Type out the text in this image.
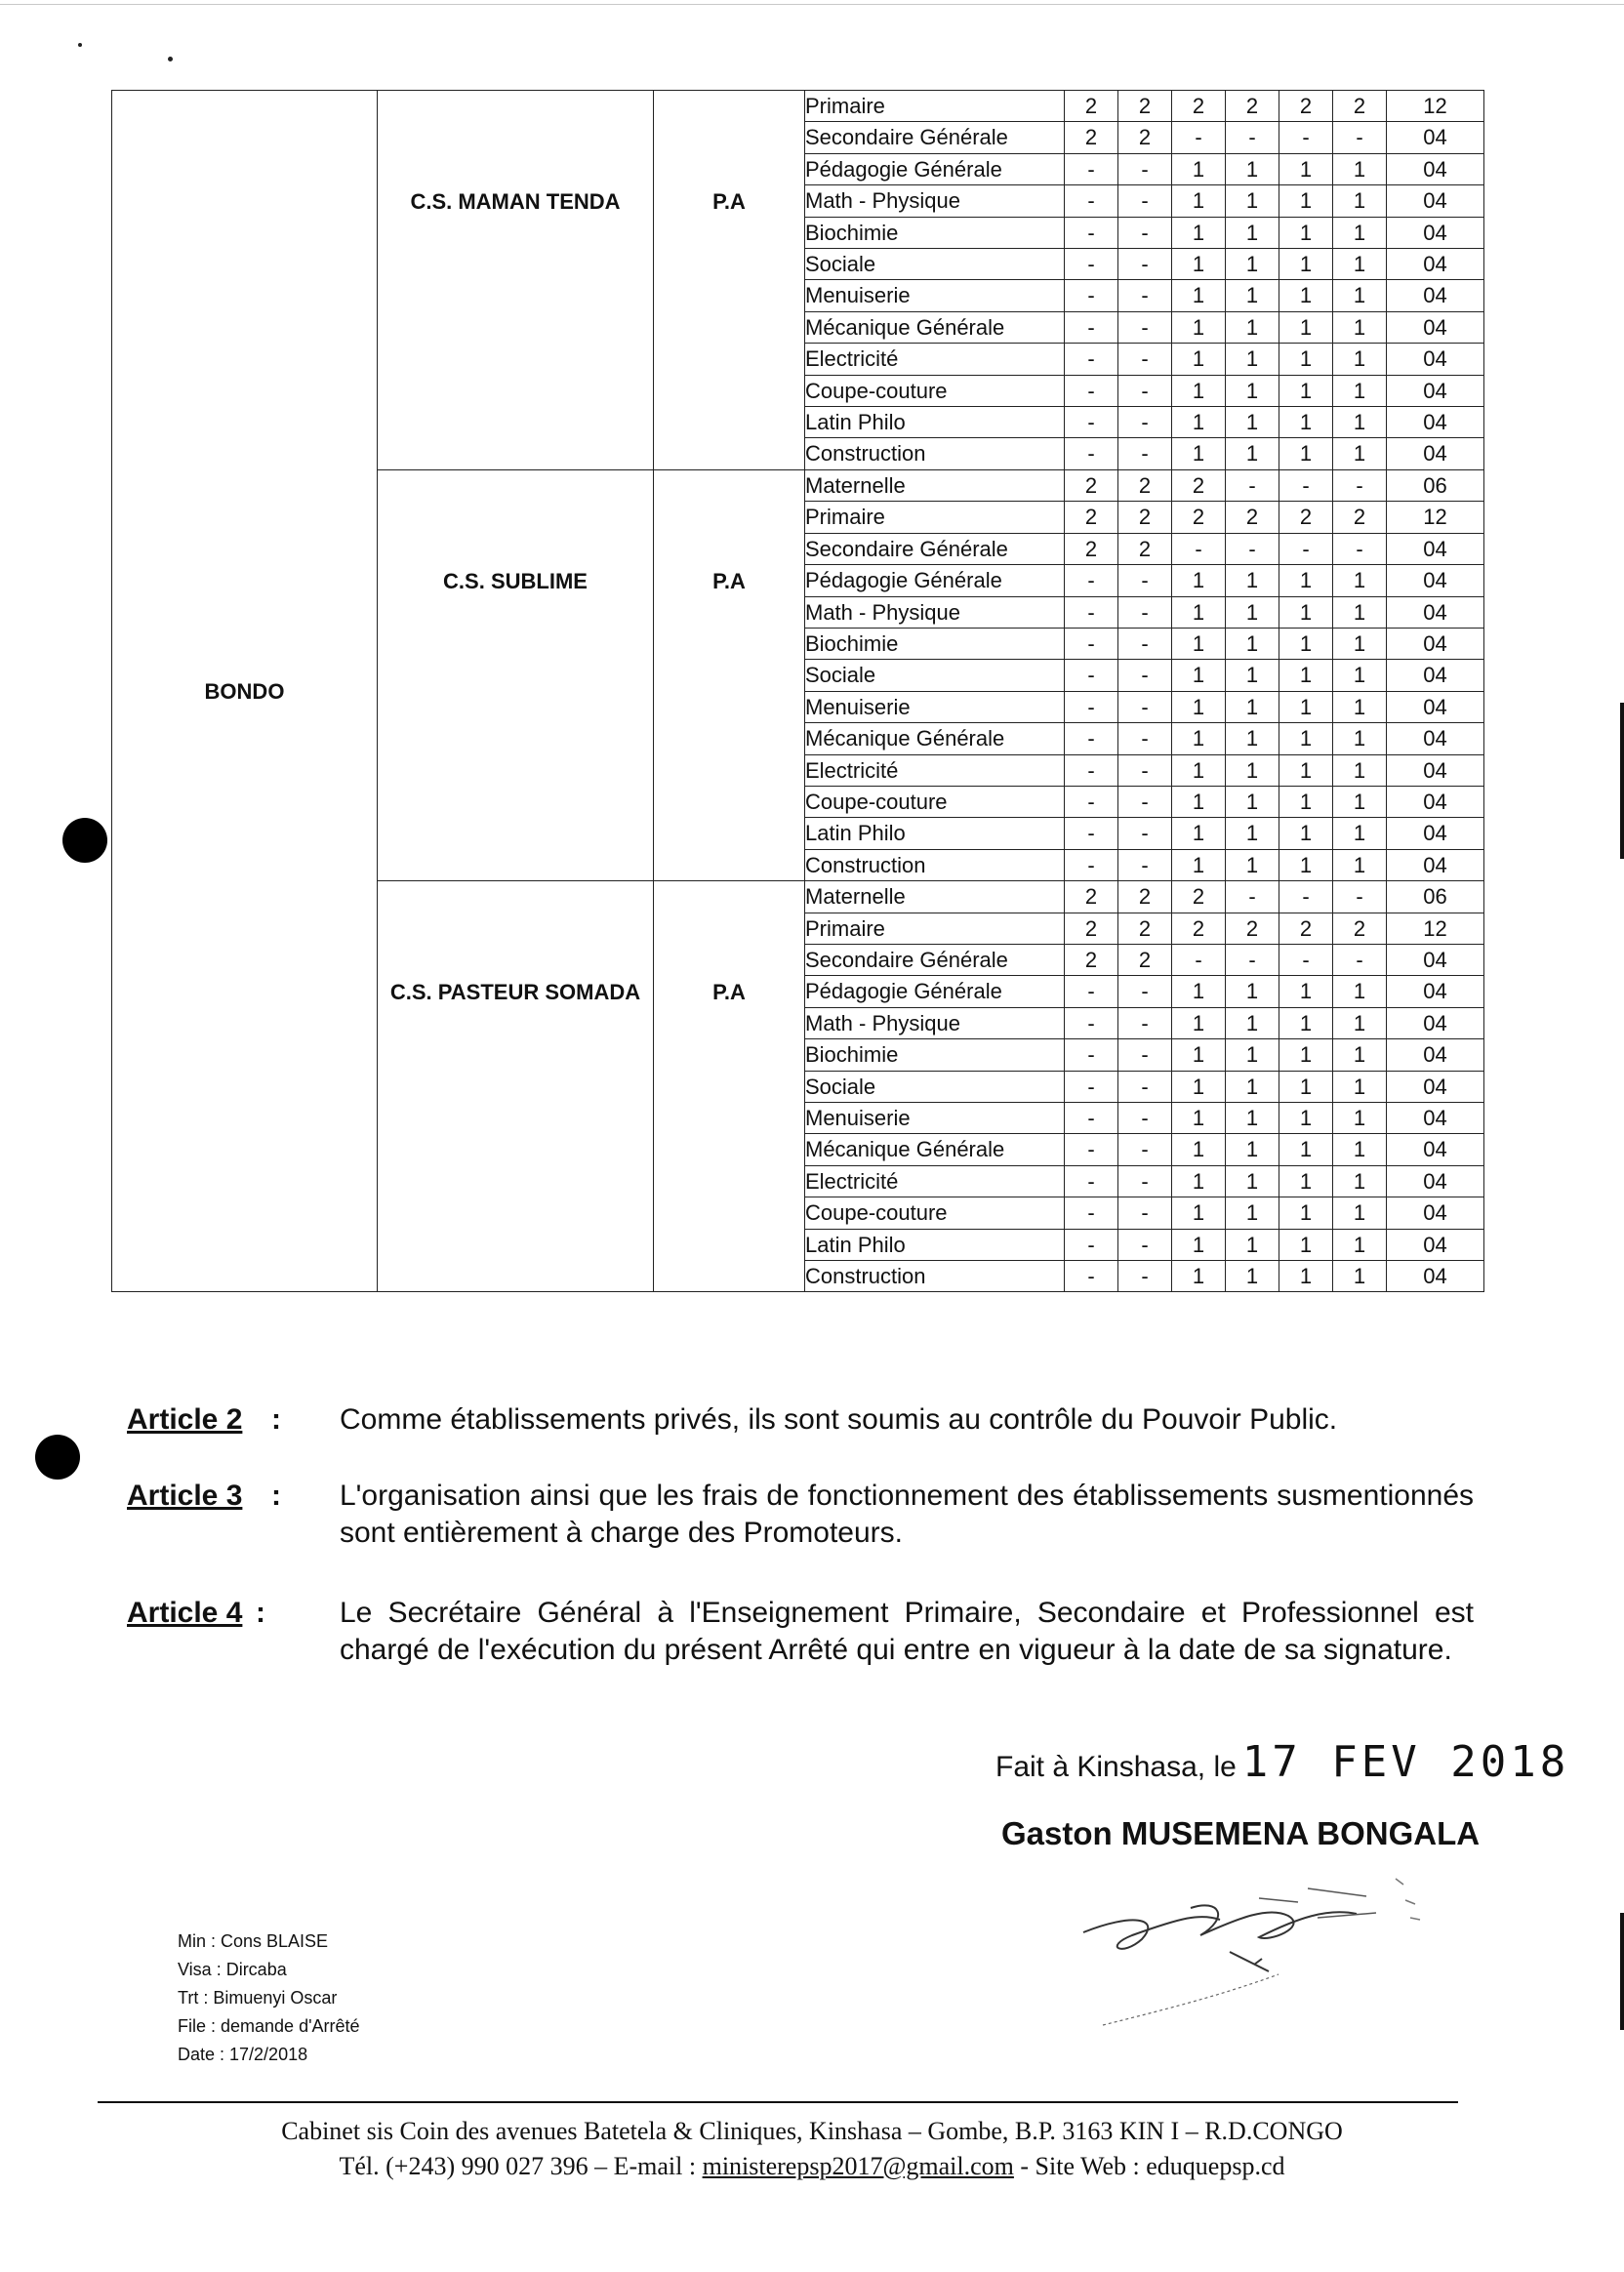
BONDO	C.S. MAMAN TENDA	P.A	Primaire	2	2	2	2	2	2	12
			Secondaire Générale	2	2	-	-	-	-	04
			Pédagogie Générale	-	-	1	1	1	1	04
			Math - Physique	-	-	1	1	1	1	04
			Biochimie	-	-	1	1	1	1	04
			Sociale	-	-	1	1	1	1	04
			Menuiserie	-	-	1	1	1	1	04
			Mécanique Générale	-	-	1	1	1	1	04
			Electricité	-	-	1	1	1	1	04
			Coupe-couture	-	-	1	1	1	1	04
			Latin Philo	-	-	1	1	1	1	04
			Construction	-	-	1	1	1	1	04
	C.S. SUBLIME	P.A	Maternelle	2	2	2	-	-	-	06
			Primaire	2	2	2	2	2	2	12
			Secondaire Générale	2	2	-	-	-	-	04
			Pédagogie Générale	-	-	1	1	1	1	04
			Math - Physique	-	-	1	1	1	1	04
			Biochimie	-	-	1	1	1	1	04
			Sociale	-	-	1	1	1	1	04
			Menuiserie	-	-	1	1	1	1	04
			Mécanique Générale	-	-	1	1	1	1	04
			Electricité	-	-	1	1	1	1	04
			Coupe-couture	-	-	1	1	1	1	04
			Latin Philo	-	-	1	1	1	1	04
			Construction	-	-	1	1	1	1	04
	C.S. PASTEUR SOMADA	P.A	Maternelle	2	2	2	-	-	-	06
			Primaire	2	2	2	2	2	2	12
			Secondaire Générale	2	2	-	-	-	-	04
			Pédagogie Générale	-	-	1	1	1	1	04
			Math - Physique	-	-	1	1	1	1	04
			Biochimie	-	-	1	1	1	1	04
			Sociale	-	-	1	1	1	1	04
			Menuiserie	-	-	1	1	1	1	04
			Mécanique Générale	-	-	1	1	1	1	04
			Electricité	-	-	1	1	1	1	04
			Coupe-couture	-	-	1	1	1	1	04
			Latin Philo	-	-	1	1	1	1	04
			Construction	-	-	1	1	1	1	04
Article 2 : Comme établissements privés, ils sont soumis au contrôle du Pouvoir Public.
Article 3 : L'organisation ainsi que les frais de fonctionnement des établissements susmentionnés sont entièrement à charge des Promoteurs.
Article 4 :	Le Secrétaire Général à l'Enseignement Primaire, Secondaire et Professionnel est chargé de l'exécution du présent Arrêté qui entre en vigueur à la date de sa signature.
Fait à Kinshasa, le 17 FEV 2018
Gaston MUSEMENA BONGALA
Min : Cons BLAISE
Visa : Dircaba
Trt : Bimuenyi Oscar
File : demande d'Arrêté
Date : 17/2/2018
Cabinet sis Coin des avenues Batetela & Cliniques, Kinshasa – Gombe, B.P. 3163 KIN I – R.D.CONGO
Tél. (+243) 990 027 396 – E-mail : ministerepsp2017@gmail.com - Site Web : eduquepsp.cd
